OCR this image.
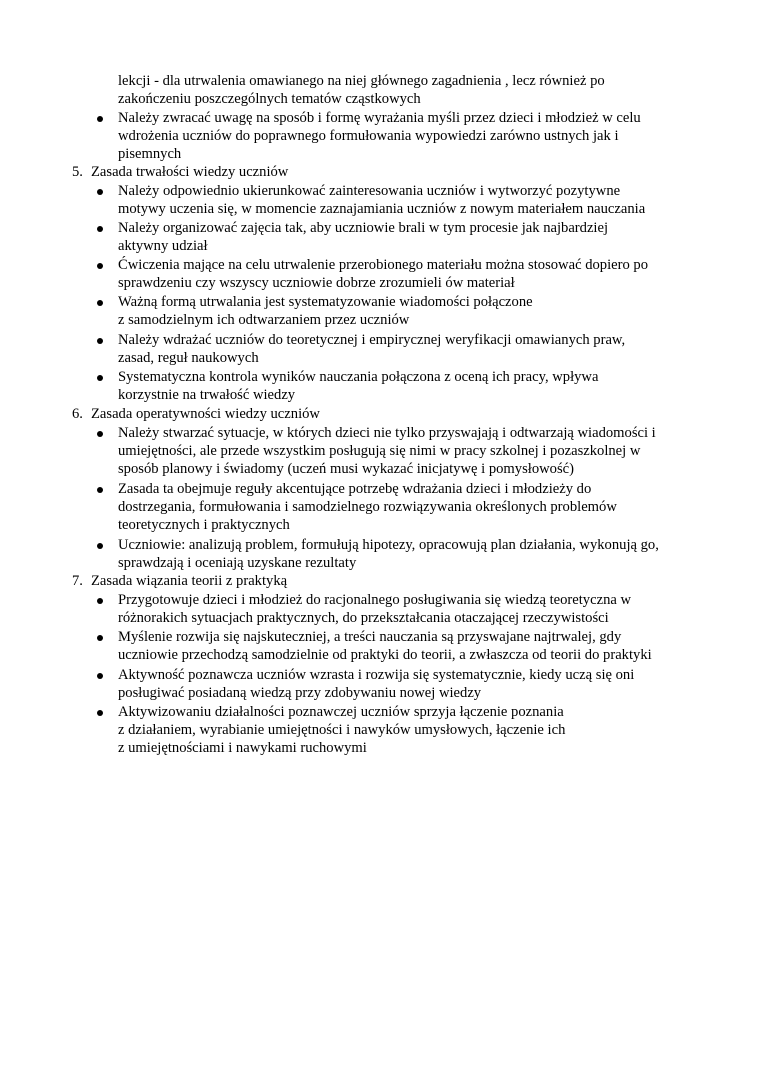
lekcji - dla utrwalenia omawianego na niej głównego zagadnienia , lecz również po
zakończeniu poszczególnych tematów cząstkowych
Należy zwracać uwagę na sposób i formę wyrażania myśli przez dzieci i młodzież w celu
wdrożenia uczniów do poprawnego formułowania wypowiedzi zarówno ustnych jak i
pisemnych
5. Zasada trwałości wiedzy uczniów
Należy odpowiednio ukierunkować zainteresowania uczniów i wytworzyć pozytywne
motywy uczenia się, w momencie zaznajamiania uczniów z nowym materiałem nauczania
Należy organizować zajęcia tak, aby uczniowie brali w tym procesie jak najbardziej
aktywny udział
Ćwiczenia mające na celu utrwalenie przerobionego materiału można stosować dopiero po
sprawdzeniu czy wszyscy uczniowie dobrze zrozumieli ów materiał
Ważną formą utrwalania jest systematyzowanie wiadomości połączone
z samodzielnym ich odtwarzaniem przez uczniów
Należy wdrażać uczniów do teoretycznej i empirycznej weryfikacji omawianych praw,
zasad, reguł naukowych
Systematyczna kontrola wyników nauczania połączona z oceną ich pracy, wpływa
korzystnie na trwałość wiedzy
6. Zasada operatywności wiedzy uczniów
Należy stwarzać sytuacje, w których dzieci nie tylko przyswajają i odtwarzają wiadomości i
umiejętności, ale przede wszystkim posługują się nimi w pracy szkolnej i pozaszkolnej w
sposób planowy i świadomy (uczeń musi wykazać inicjatywę i pomysłowość)
Zasada ta obejmuje reguły akcentujące potrzebę wdrażania dzieci i młodzieży do
dostrzegania, formułowania i samodzielnego rozwiązywania określonych problemów
teoretycznych i praktycznych
Uczniowie: analizują problem, formułują hipotezy, opracowują plan działania, wykonują go,
sprawdzają i oceniają uzyskane rezultaty
7. Zasada wiązania teorii z praktyką
Przygotowuje dzieci i młodzież do racjonalnego posługiwania się wiedzą teoretyczna w
różnorakich sytuacjach praktycznych, do przekształcania otaczającej rzeczywistości
Myślenie rozwija się najskuteczniej, a treści nauczania są przyswajane najtrwalej, gdy
uczniowie przechodzą samodzielnie od praktyki do teorii, a zwłaszcza od teorii do praktyki
Aktywność poznawcza uczniów wzrasta i rozwija się systematycznie, kiedy uczą się oni
posługiwać posiadaną wiedzą przy zdobywaniu nowej wiedzy
Aktywizowaniu działalności poznawczej uczniów sprzyja łączenie poznania
z działaniem, wyrabianie umiejętności i nawyków umysłowych, łączenie ich
z umiejętnościami i nawykami ruchowymi
